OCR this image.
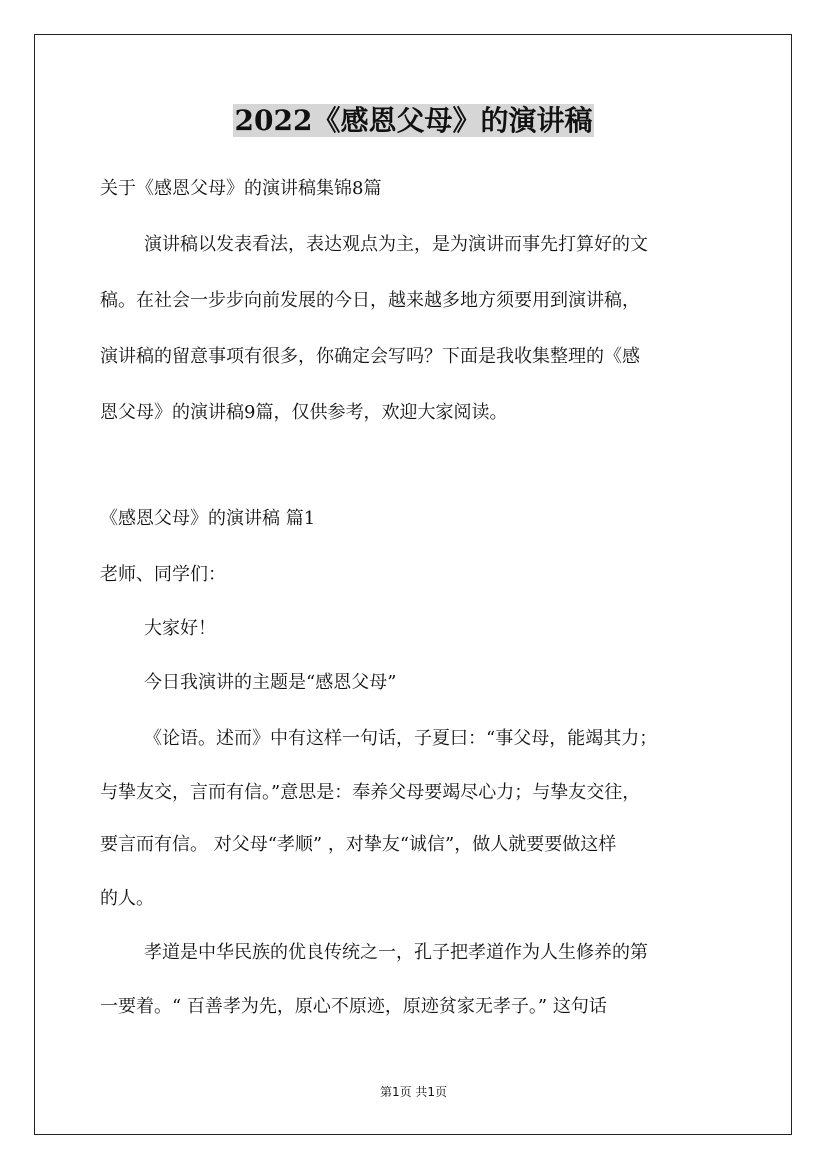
2022《感恩父母》的演讲稿

关于《感恩父母》的演讲稿集锦8篇

演讲稿以发表看法，表达观点为主，是为演讲而事先打算好的文

稿。在社会一步步向前发展的今日，越来越多地方须要用到演讲稿，

演讲稿的留意事项有很多，你确定会写吗？下面是我收集整理的《感

恩父母》的演讲稿9篇，仅供参考，欢迎大家阅读。

《感恩父母》的演讲稿 篇1

老师、同学们：

大家好！

今日我演讲的主题是“感恩父母”

《论语。述而》中有这样一句话，子夏曰：“事父母，能竭其力；

与挚友交，言而有信。”意思是：奉养父母要竭尽心力；与挚友交往，

要言而有信。 对父母“孝顺” ，对挚友“诚信”，做人就要要做这样

的人。

孝道是中华民族的优良传统之一，孔子把孝道作为人生修养的第

一要着。“ 百善孝为先，原心不原迹，原迹贫家无孝子。” 这句话

第1页 共1页
